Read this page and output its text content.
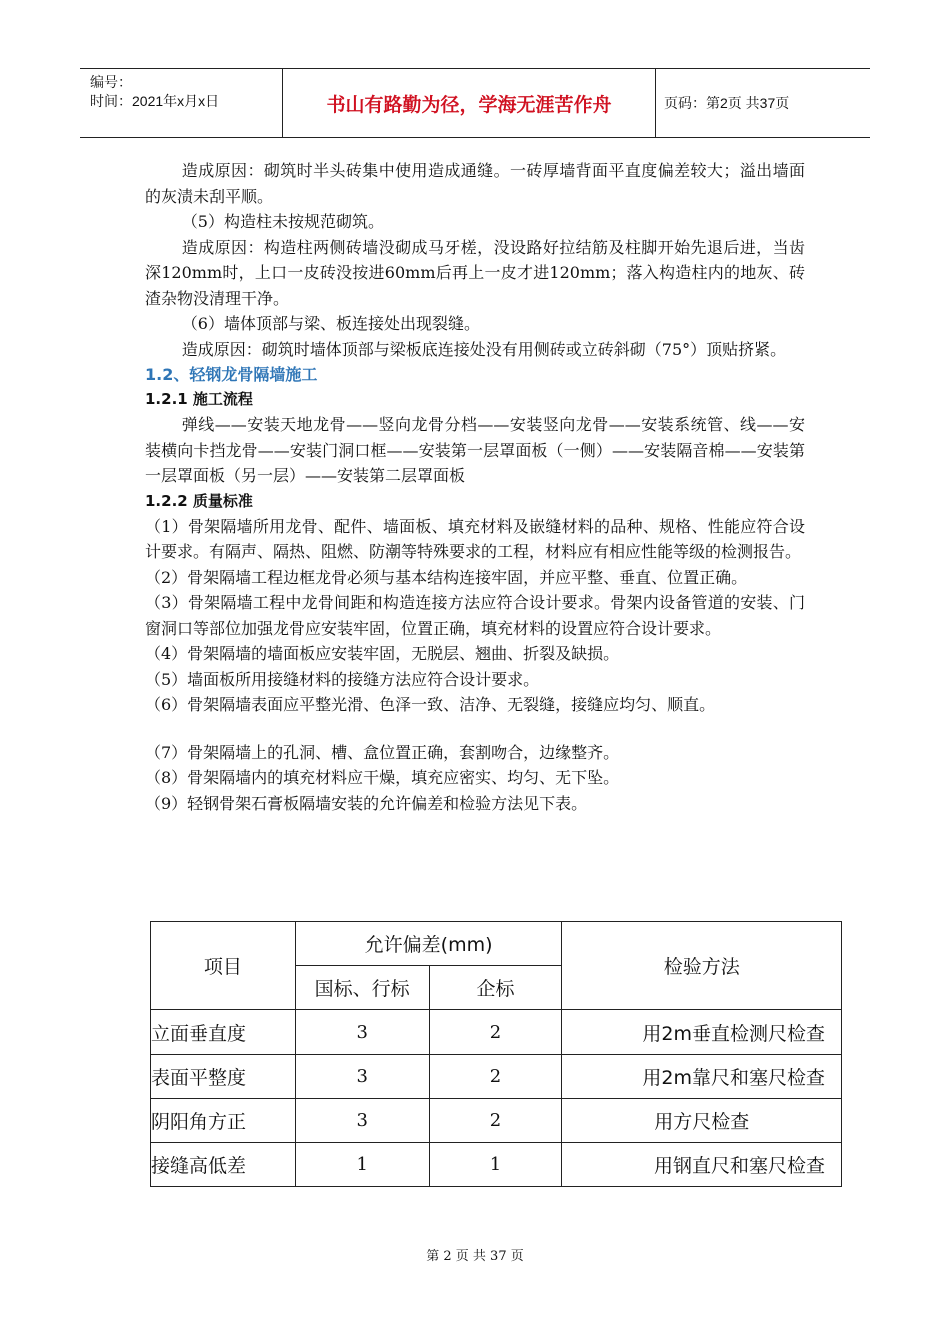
编号：
时间：2021年x月x日	书山有路勤为径，学海无涯苦作舟	页码：第2页 共37页

造成原因：砌筑时半头砖集中使用造成通缝。一砖厚墙背面平直度偏差较大；溢出墙面的灰渍未刮平顺。

（5）构造柱未按规范砌筑。

造成原因：构造柱两侧砖墙没砌成马牙槎，没设路好拉结筋及柱脚开始先退后进，当齿深120mm时，上口一皮砖没按进60mm后再上一皮才进120mm；落入构造柱内的地灰、砖渣杂物没清理干净。

（6）墙体顶部与梁、板连接处出现裂缝。

造成原因：砌筑时墙体顶部与梁板底连接处没有用侧砖或立砖斜砌（75°）顶贴挤紧。

1.2、轻钢龙骨隔墙施工

1.2.1 施工流程

弹线——安装天地龙骨——竖向龙骨分档——安装竖向龙骨——安装系统管、线——安装横向卡挡龙骨——安装门洞口框——安装第一层罩面板（一侧）——安装隔音棉——安装第一层罩面板（另一层）——安装第二层罩面板

1.2.2 质量标准

（1）骨架隔墙所用龙骨、配件、墙面板、填充材料及嵌缝材料的品种、规格、性能应符合设计要求。有隔声、隔热、阻燃、防潮等特殊要求的工程，材料应有相应性能等级的检测报告。

（2）骨架隔墙工程边框龙骨必须与基本结构连接牢固，并应平整、垂直、位置正确。

（3）骨架隔墙工程中龙骨间距和构造连接方法应符合设计要求。骨架内设备管道的安装、门窗洞口等部位加强龙骨应安装牢固，位置正确，填充材料的设置应符合设计要求。

（4）骨架隔墙的墙面板应安装牢固，无脱层、翘曲、折裂及缺损。

（5）墙面板所用接缝材料的接缝方法应符合设计要求。

（6）骨架隔墙表面应平整光滑、色泽一致、洁净、无裂缝，接缝应均匀、顺直。

（7）骨架隔墙上的孔洞、槽、盒位置正确，套割吻合，边缘整齐。

（8）骨架隔墙内的填充材料应干燥，填充应密实、均匀、无下坠。

（9）轻钢骨架石膏板隔墙安装的允许偏差和检验方法见下表。

项目	允许偏差(mm)		检验方法
	国标、行标	企标	
立面垂直度	3	2	用2m垂直检测尺检查
表面平整度	3	2	用2m靠尺和塞尺检查
阴阳角方正	3	2	用方尺检查
接缝高低差	1	1	用钢直尺和塞尺检查
第 2 页 共 37 页
